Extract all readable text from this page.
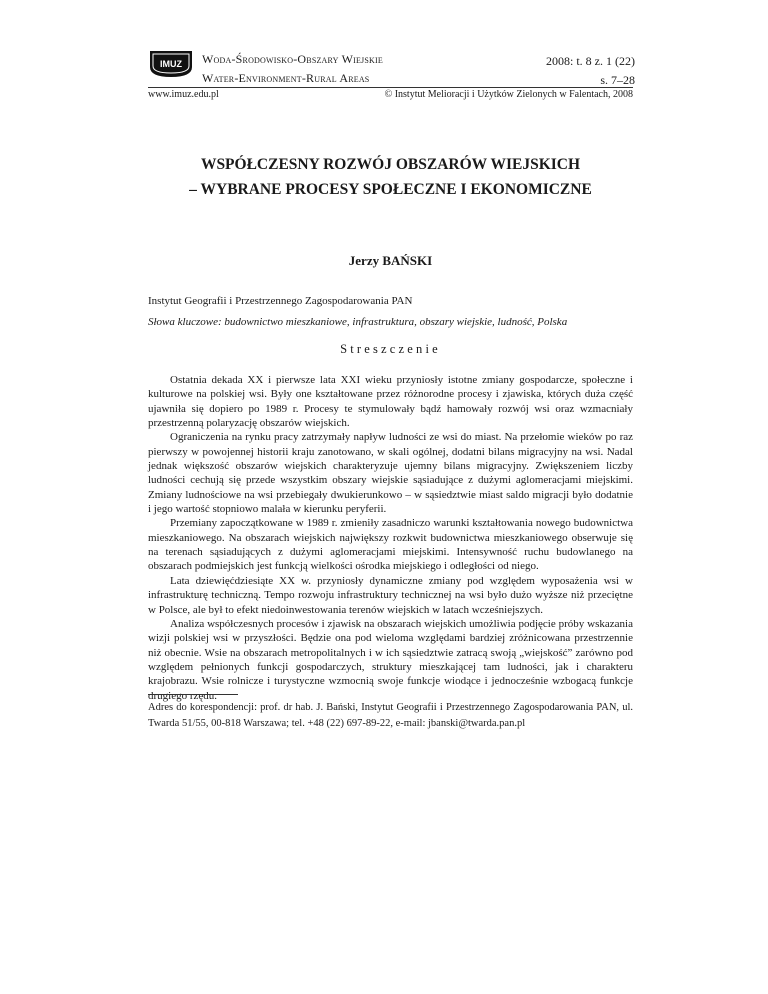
IMUZ Woda-Środowisko-Obszary Wiejskie
Water-Environment-Rural Areas
2008: t. 8 z. 1 (22)
s. 7–28
www.imuz.edu.pl	© Instytut Melioracji i Użytków Zielonych w Falentach, 2008
WSPÓŁCZESNY ROZWÓJ OBSZARÓW WIEJSKICH
– WYBRANE PROCESY SPOŁECZNE I EKONOMICZNE
Jerzy BAŃSKI
Instytut Geografii i Przestrzennego Zagospodarowania PAN
Słowa kluczowe: budownictwo mieszkaniowe, infrastruktura, obszary wiejskie, ludność, Polska
Streszczenie

Ostatnia dekada XX i pierwsze lata XXI wieku przyniosły istotne zmiany gospodarcze, społeczne i kulturowe na polskiej wsi. Były one kształtowane przez różnorodne procesy i zjawiska, których duża część ujawniła się dopiero po 1989 r. Procesy te stymulowały bądź hamowały rozwój wsi oraz wzmacniały przestrzenną polaryzację obszarów wiejskich.

Ograniczenia na rynku pracy zatrzymały napływ ludności ze wsi do miast. Na przełomie wieków po raz pierwszy w powojennej historii kraju zanotowano, w skali ogólnej, dodatni bilans migracyjny na wsi. Nadal jednak większość obszarów wiejskich charakteryzuje ujemny bilans migracyjny. Zwiększeniem liczby ludności cechują się przede wszystkim obszary wiejskie sąsiadujące z dużymi aglomeracjami miejskimi. Zmiany ludnościowe na wsi przebiegały dwukierunkowo – w sąsiedztwie miast saldo migracji było dodatnie i jego wartość stopniowo malała w kierunku peryferii.

Przemiany zapoczątkowane w 1989 r. zmieniły zasadniczo warunki kształtowania nowego budownictwa mieszkaniowego. Na obszarach wiejskich największy rozkwit budownictwa mieszkaniowego obserwuje się na terenach sąsiadujących z dużymi aglomeracjami miejskimi. Intensywność ruchu budowlanego na obszarach podmiejskich jest funkcją wielkości ośrodka miejskiego i odległości od niego.

Lata dziewięćdziesiąte XX w. przyniosły dynamiczne zmiany pod względem wyposażenia wsi w infrastrukturę techniczną. Tempo rozwoju infrastruktury technicznej na wsi było dużo wyższe niż przeciętne w Polsce, ale był to efekt niedoinwestowania terenów wiejskich w latach wcześniejszych.

Analiza współczesnych procesów i zjawisk na obszarach wiejskich umożliwia podjęcie próby wskazania wizji polskiej wsi w przyszłości. Będzie ona pod wieloma względami bardziej zróżnicowana przestrzennie niż obecnie. Wsie na obszarach metropolitalnych i w ich sąsiedztwie zatracą swoją „wiejskość” zarówno pod względem pełnionych funkcji gospodarczych, struktury mieszkającej tam ludności, jak i charakteru krajobrazu. Wsie rolnicze i turystyczne wzmocnią swoje funkcje wiodące i jednocześnie wzbogacą funkcje drugiego rzędu.

Adres do korespondencji: prof. dr hab. J. Bański, Instytut Geografii i Przestrzennego Zagospodarowania PAN, ul. Twarda 51/55, 00-818 Warszawa; tel. +48 (22) 697-89-22, e-mail: jbanski@twarda.pan.pl
